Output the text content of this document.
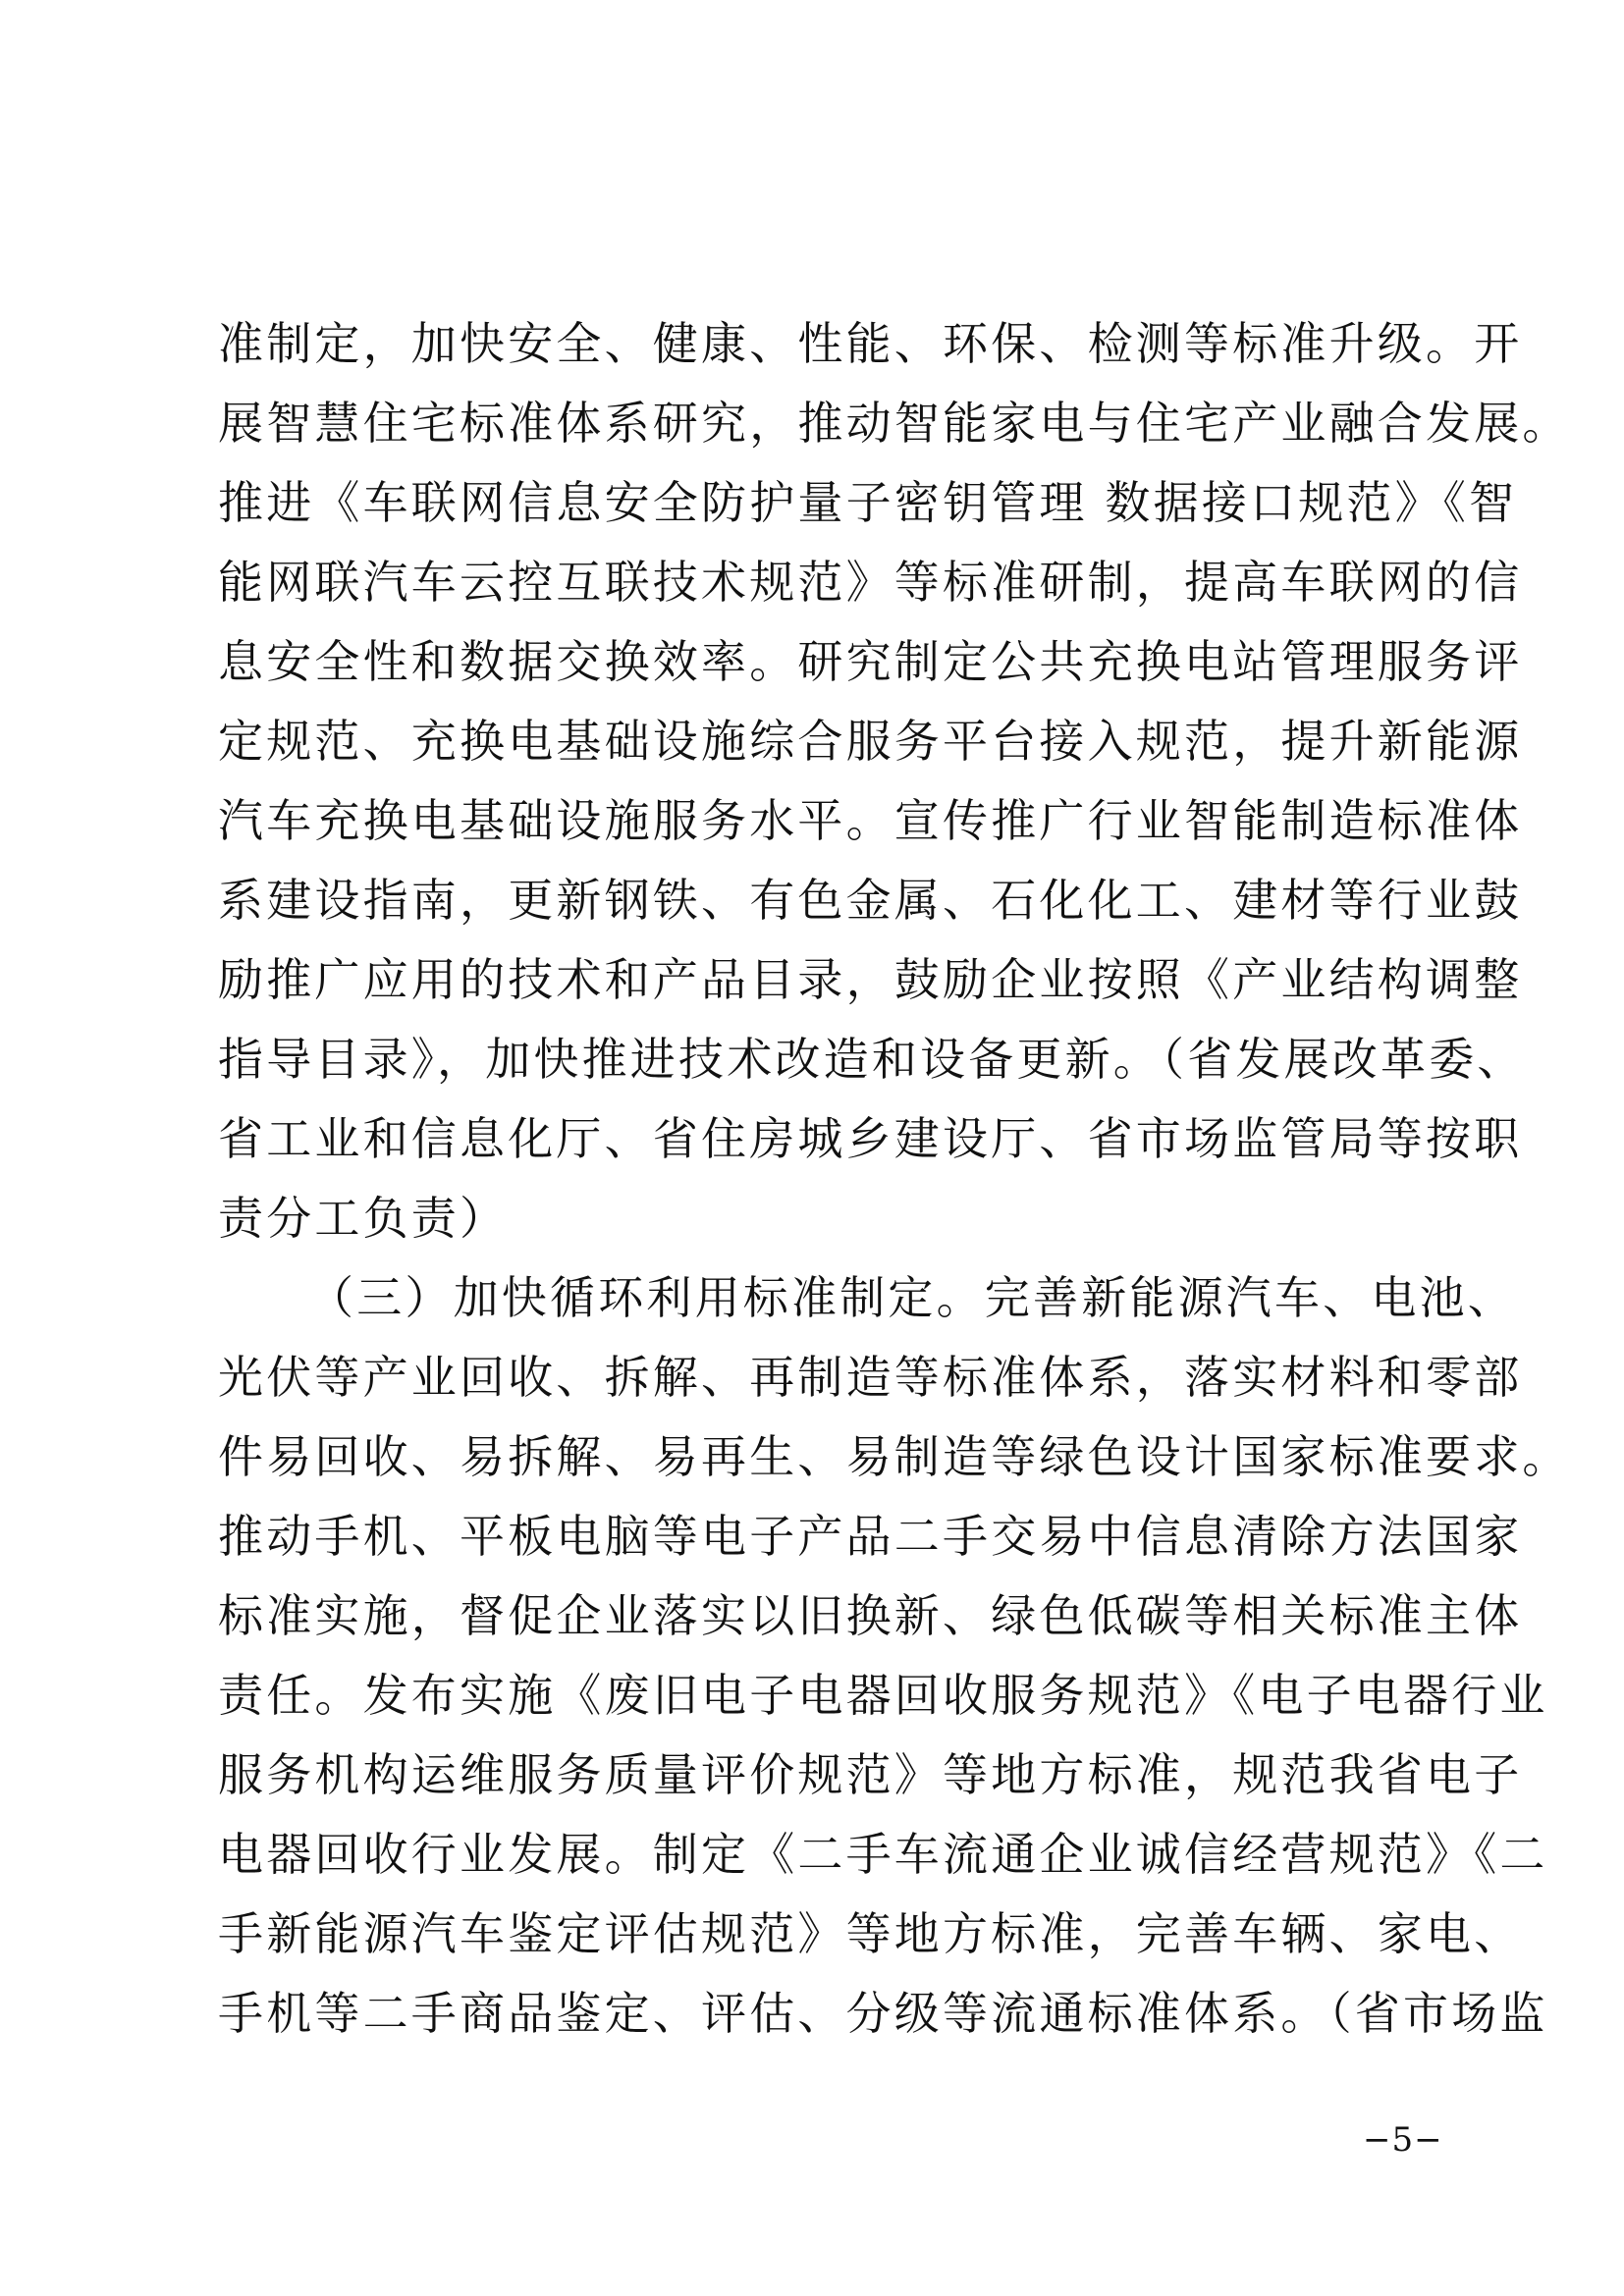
准制定，加快安全、健康、性能、环保、检测等标准升级。开
展智慧住宅标准体系研究，推动智能家电与住宅产业融合发展。
推进《车联网信息安全防护量子密钥管理 数据接口规范》《智
能网联汽车云控互联技术规范》等标准研制，提高车联网的信
息安全性和数据交换效率。研究制定公共充换电站管理服务评
定规范、充换电基础设施综合服务平台接入规范，提升新能源
汽车充换电基础设施服务水平。宣传推广行业智能制造标准体
系建设指南，更新钢铁、有色金属、石化化工、建材等行业鼓
励推广应用的技术和产品目录，鼓励企业按照《产业结构调整
指导目录》，加快推进技术改造和设备更新。（省发展改革委、
省工业和信息化厅、省住房城乡建设厅、省市场监管局等按职
责分工负责）
（三）加快循环利用标准制定。完善新能源汽车、电池、
光伏等产业回收、拆解、再制造等标准体系，落实材料和零部
件易回收、易拆解、易再生、易制造等绿色设计国家标准要求。
推动手机、平板电脑等电子产品二手交易中信息清除方法国家
标准实施，督促企业落实以旧换新、绿色低碳等相关标准主体
责任。发布实施《废旧电子电器回收服务规范》《电子电器行业
服务机构运维服务质量评价规范》等地方标准，规范我省电子
电器回收行业发展。制定《二手车流通企业诚信经营规范》《二
手新能源汽车鉴定评估规范》等地方标准，完善车辆、家电、
手机等二手商品鉴定、评估、分级等流通标准体系。（省市场监
−5−
